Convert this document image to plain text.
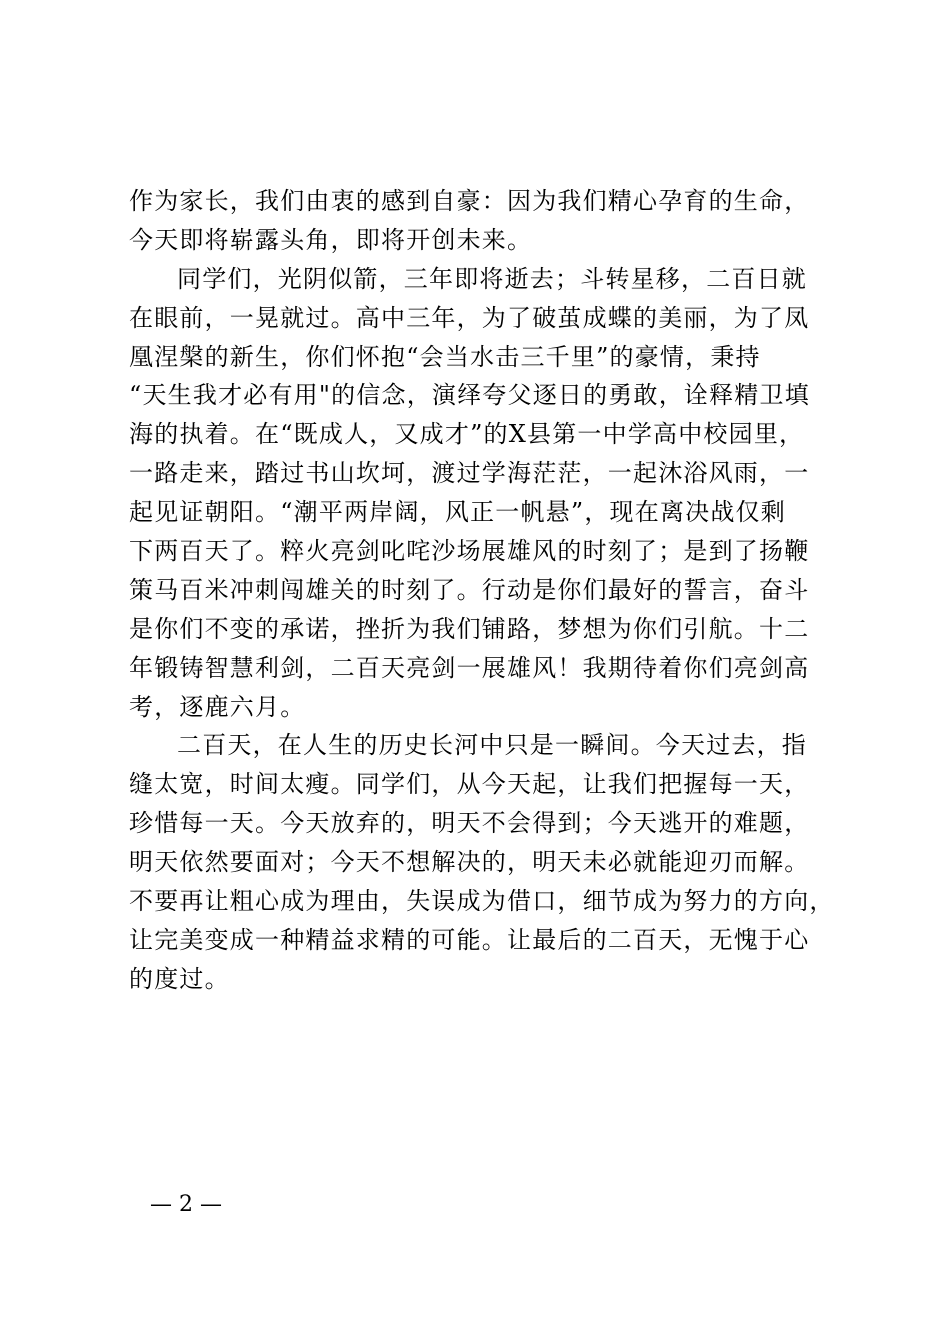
作为家长，我们由衷的感到自豪：因为我们精心孕育的生命，
今天即将崭露头角，即将开创未来。
同学们，光阴似箭，三年即将逝去；斗转星移，二百日就
在眼前，一晃就过。高中三年，为了破茧成蝶的美丽，为了凤
凰涅槃的新生，你们怀抱“会当水击三千里”的豪情，秉持
“天生我才必有用"的信念，演绎夸父逐日的勇敢，诠释精卫填
海的执着。在“既成人，又成才”的X县第一中学高中校园里，
一路走来，踏过书山坎坷，渡过学海茫茫，一起沐浴风雨，一
起见证朝阳。“潮平两岸阔，风正一帆悬”，现在离决战仅剩
下两百天了。粹火亮剑叱咤沙场展雄风的时刻了；是到了扬鞭
策马百米冲刺闯雄关的时刻了。行动是你们最好的誓言，奋斗
是你们不变的承诺，挫折为我们铺路，梦想为你们引航。十二
年锻铸智慧利剑，二百天亮剑一展雄风！我期待着你们亮剑高
考，逐鹿六月。
二百天，在人生的历史长河中只是一瞬间。今天过去，指
缝太宽，时间太瘦。同学们，从今天起，让我们把握每一天，
珍惜每一天。今天放弃的，明天不会得到；今天逃开的难题，
明天依然要面对；今天不想解决的，明天未必就能迎刃而解。
不要再让粗心成为理由，失误成为借口，细节成为努力的方向，
让完美变成一种精益求精的可能。让最后的二百天，无愧于心
的度过。
— 2 —
